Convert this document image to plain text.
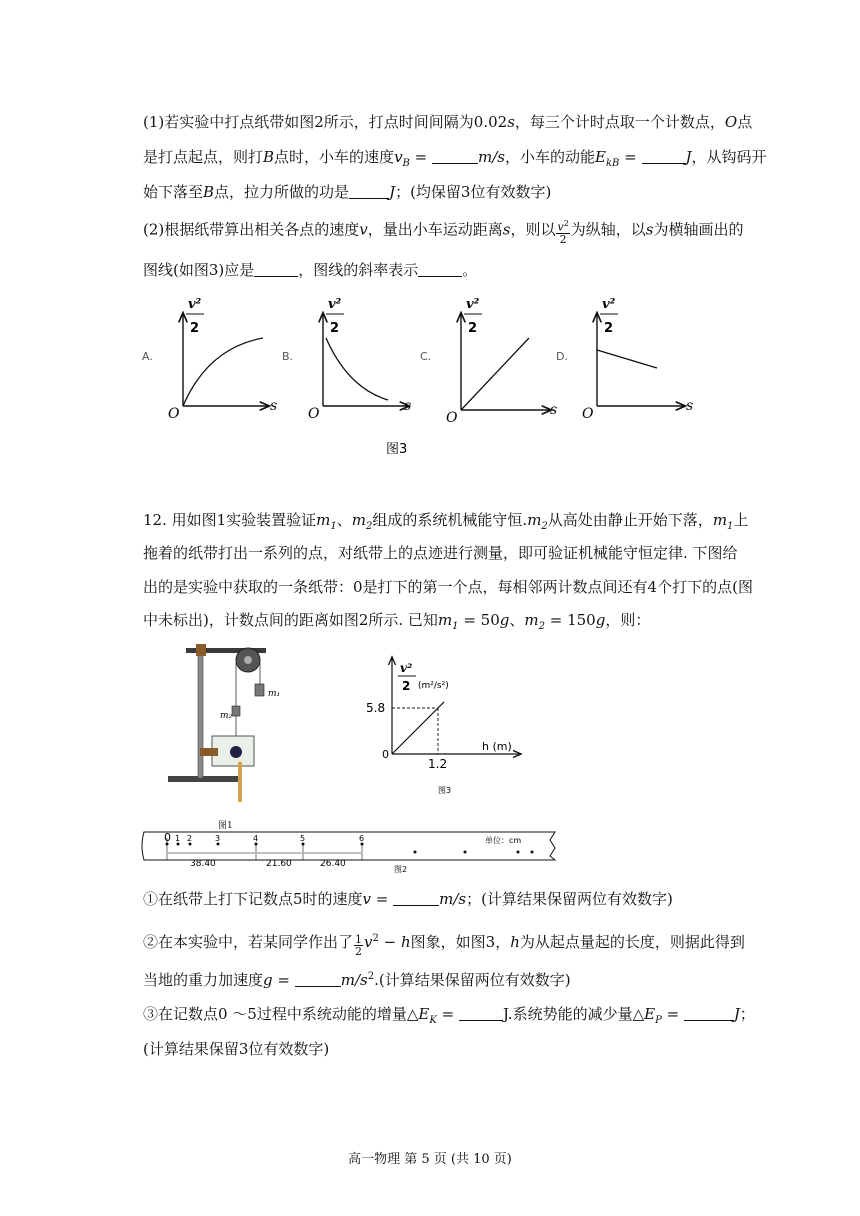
(1)若实验中打点纸带如图2所示，打点时间间隔为0.02s，每三个计时点取一个计数点，O点
是打点起点，则打B点时，小车的速度$v_B$ =	m/s，小车的动能$E_{kB}$ =	J，从钩码开
始下落至B点，拉力所做的功是	J；(均保留3位有效数字)
(2)根据纸带算出相关各点的速度v，量出小车运动距离s，则以 $\frac{v^2}{2}$ 为纵轴，以s为横轴画出的
图线(如图3)应是	，图线的斜率表示	。
A.
v²
2
O	s
B.
v²
2
O	s
C.
v²
2
O	s
D.
v²
2
O	s
图3
12. 用如图1实验装置验证$m_1$、$m_2$组成的系统机械能守恒$.m_2$从高处由静止开始下落，$m_1$上
拖着的纸带打出一系列的点，对纸带上的点迹进行测量，即可验证机械能守恒定律. 下图给
出的是实验中获取的一条纸带：0是打下的第一个点，每相邻两计数点间还有4个打下的点(图
中未标出)，计数点间的距离如图2所示. 已知$m_1 = 50g$、$m_2 = 150g$，则：
m₁
m₂
图1
v²
2 (m²/s²)
5.8
0
h (m)
1.2
图3
0 1 2	3	4	5	6	单位：cm
38.40	21.60	26.40
图2
①在纸带上打下记数点5时的速度v =	m/s；(计算结果保留两位有效数字)
②在本实验中，若某同学作出了 $\frac{1}{2} v^2 - h$图象，如图3，h为从起点量起的长度，则据此得到
当地的重力加速度g =	$m/s^2$.(计算结果保留两位有效数字)
③在记数点0 ～5过程中系统动能的增量$\triangle E_K$ =	J.系统势能的减少量$\triangle E_P$ =	J；
(计算结果保留3位有效数字)
高一物理 第 5 页 (共 10 页)
